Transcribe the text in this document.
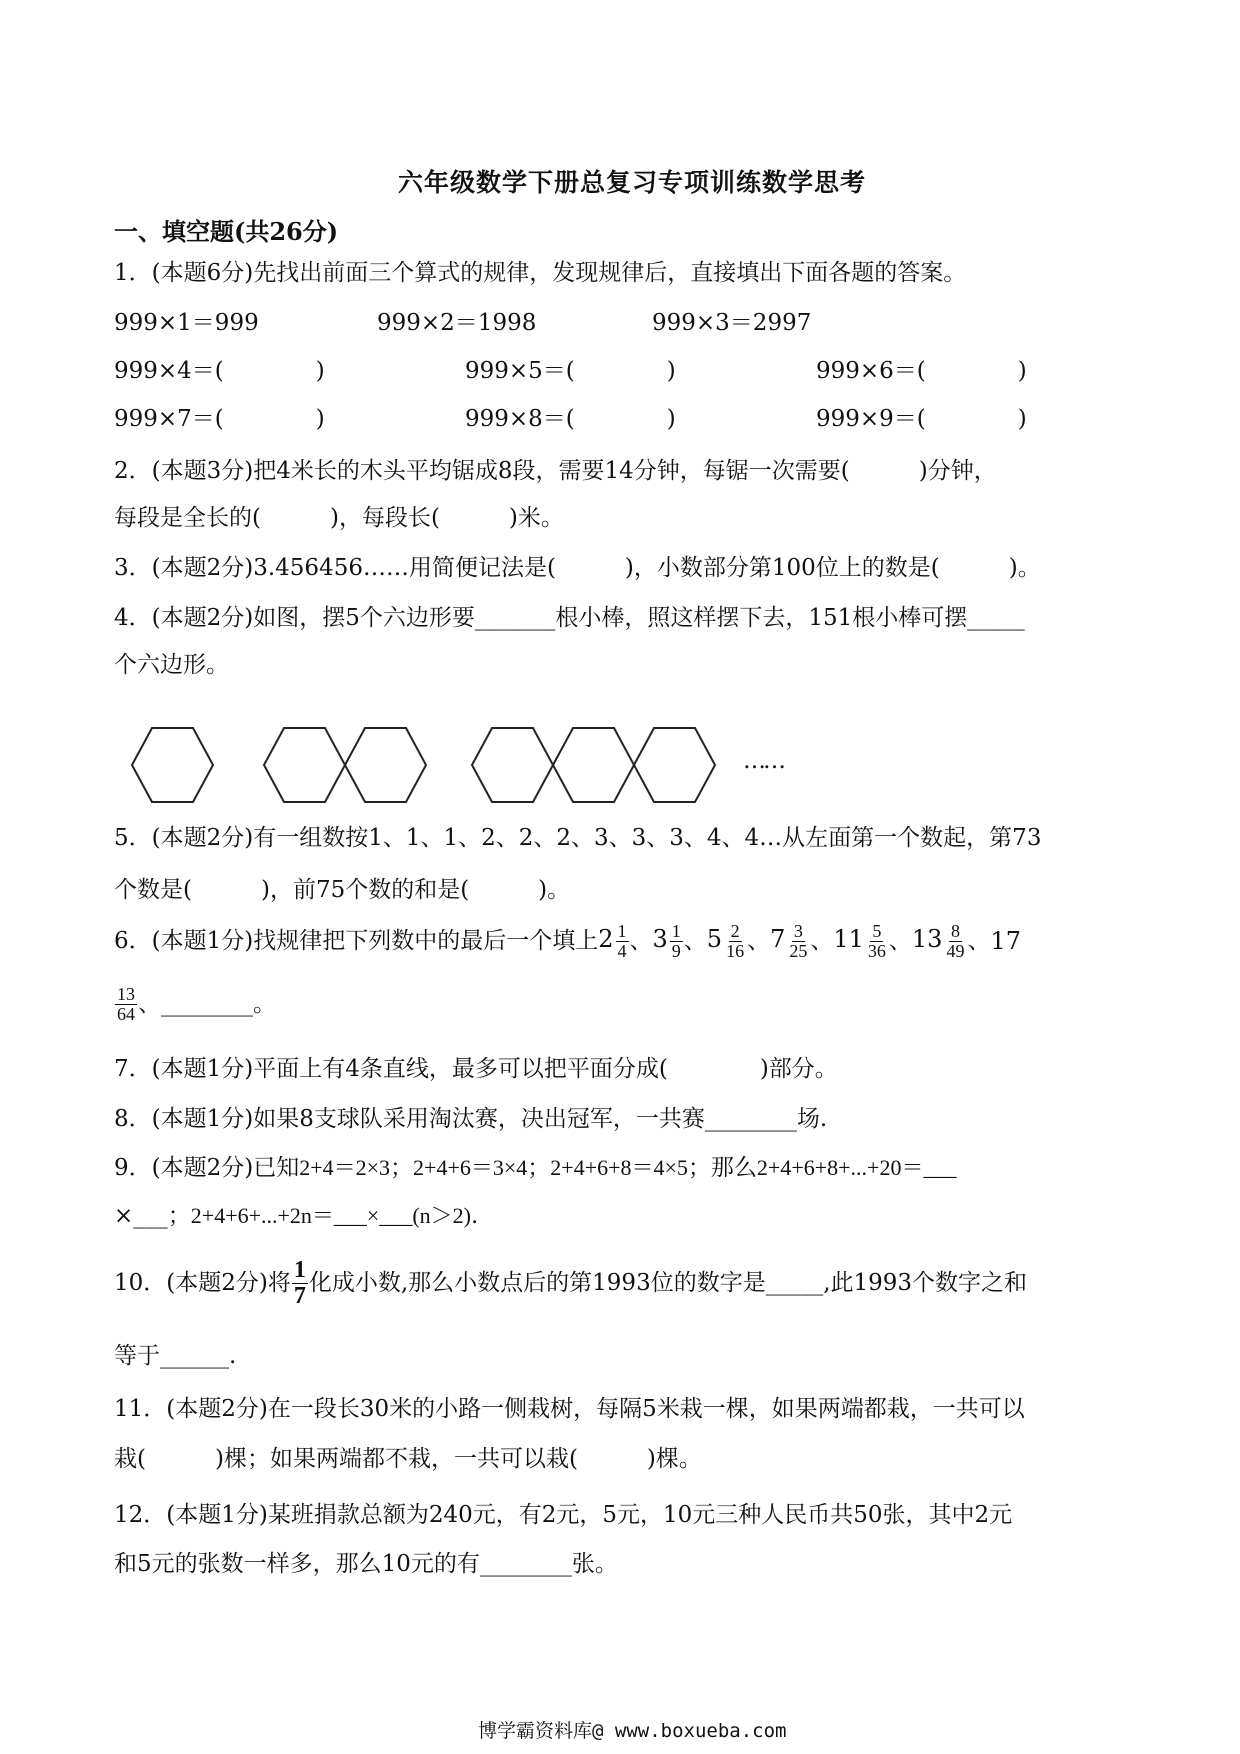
六年级数学下册总复习专项训练数学思考
一、填空题(共26分)
1．(本题6分)先找出前面三个算式的规律，发现规律后，直接填出下面各题的答案。
999×1＝999	999×2＝1998	999×3＝2997
999×4＝(　　　　)	999×5＝(　　　　)	999×6＝(　　　　)
999×7＝(　　　　)	999×8＝(　　　　)	999×9＝(　　　　)
2．(本题3分)把4米长的木头平均锯成8段，需要14分钟，每锯一次需要(　　　)分钟，
每段是全长的(　　　)，每段长(　　　)米。
3．(本题2分)3.456456……用简便记法是(　　　)，小数部分第100位上的数是(　　　)。
4．(本题2分)如图，摆5个六边形要_______根小棒，照这样摆下去，151根小棒可摆_____
个六边形。
……
5．(本题2分)有一组数按1、1、1、2、2、2、3、3、3、4、4…从左面第一个数起，第73
个数是(　　　)，前75个数的和是(　　　)。
6．(本题1分)找规律把下列数中的最后一个填上 $2 \frac{1}{4}$ 、 $3 \frac{1}{9}$ 、 $5 \frac{2}{16}$ 、 $7 \frac{3}{25}$ 、 $11 \frac{5}{36}$ 、 $13 \frac{8}{49}$ 、 17
$\frac{13}{64}$ 、________。
7．(本题1分)平面上有4条直线，最多可以把平面分成(　　　　)部分。
8．(本题1分)如果8支球队采用淘汰赛，决出冠军，一共赛________场.
9．(本题2分)已知2+4＝2×3；2+4+6＝3×4；2+4+6+8＝4×5；那么2+4+6+8+...+20＝___
×___；2+4+6+...+2n＝___×___(n＞2).
10．(本题2分)将 $\frac{1}{7}$ 化成小数,那么小数点后的第1993位的数字是_____,此1993个数字之和
等于______.
11．(本题2分)在一段长30米的小路一侧栽树，每隔5米栽一棵，如果两端都栽，一共可以
栽(　　　)棵；如果两端都不栽，一共可以栽(　　　)棵。
12．(本题1分)某班捐款总额为240元，有2元，5元，10元三种人民币共50张，其中2元
和5元的张数一样多，那么10元的有________张。
博学霸资料库@ www.boxueba.com
